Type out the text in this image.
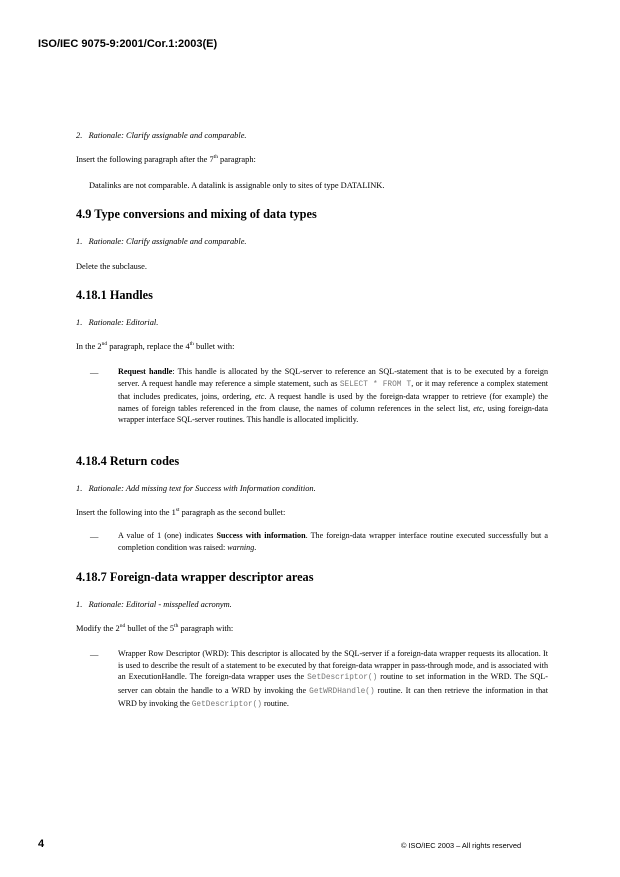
ISO/IEC 9075-9:2001/Cor.1:2003(E)
2.   Rationale: Clarify assignable and comparable.
Insert the following paragraph after the 7th paragraph:
Datalinks are not comparable. A datalink is assignable only to sites of type DATALINK.
4.9 Type conversions and mixing of data types
1.   Rationale: Clarify assignable and comparable.
Delete the subclause.
4.18.1 Handles
1.   Rationale: Editorial.
In the 2nd paragraph, replace the 4th bullet with:
— Request handle: This handle is allocated by the SQL-server to reference an SQL-statement that is to be executed by a foreign server. A request handle may reference a simple statement, such as SELECT * FROM T, or it may reference a complex statement that includes predicates, joins, ordering, etc. A request handle is used by the foreign-data wrapper to retrieve (for example) the names of foreign tables referenced in the from clause, the names of column references in the select list, etc, using foreign-data wrapper interface SQL-server routines. This handle is allocated implicitly.
4.18.4 Return codes
1.   Rationale: Add missing text for Success with Information condition.
Insert the following into the 1st paragraph as the second bullet:
— A value of 1 (one) indicates Success with information. The foreign-data wrapper interface routine executed successfully but a completion condition was raised: warning.
4.18.7 Foreign-data wrapper descriptor areas
1.   Rationale: Editorial - misspelled acronym.
Modify the 2nd bullet of the 5th paragraph with:
— Wrapper Row Descriptor (WRD): This descriptor is allocated by the SQL-server if a foreign-data wrapper requests its allocation. It is used to describe the result of a statement to be executed by that foreign-data wrapper in pass-through mode, and is associated with an ExecutionHandle. The foreign-data wrapper uses the SetDescriptor() routine to set information in the WRD. The SQL-server can obtain the handle to a WRD by invoking the GetWRDHandle() routine. It can then retrieve the information in that WRD by invoking the GetDescriptor() routine.
4	© ISO/IEC 2003 – All rights reserved
